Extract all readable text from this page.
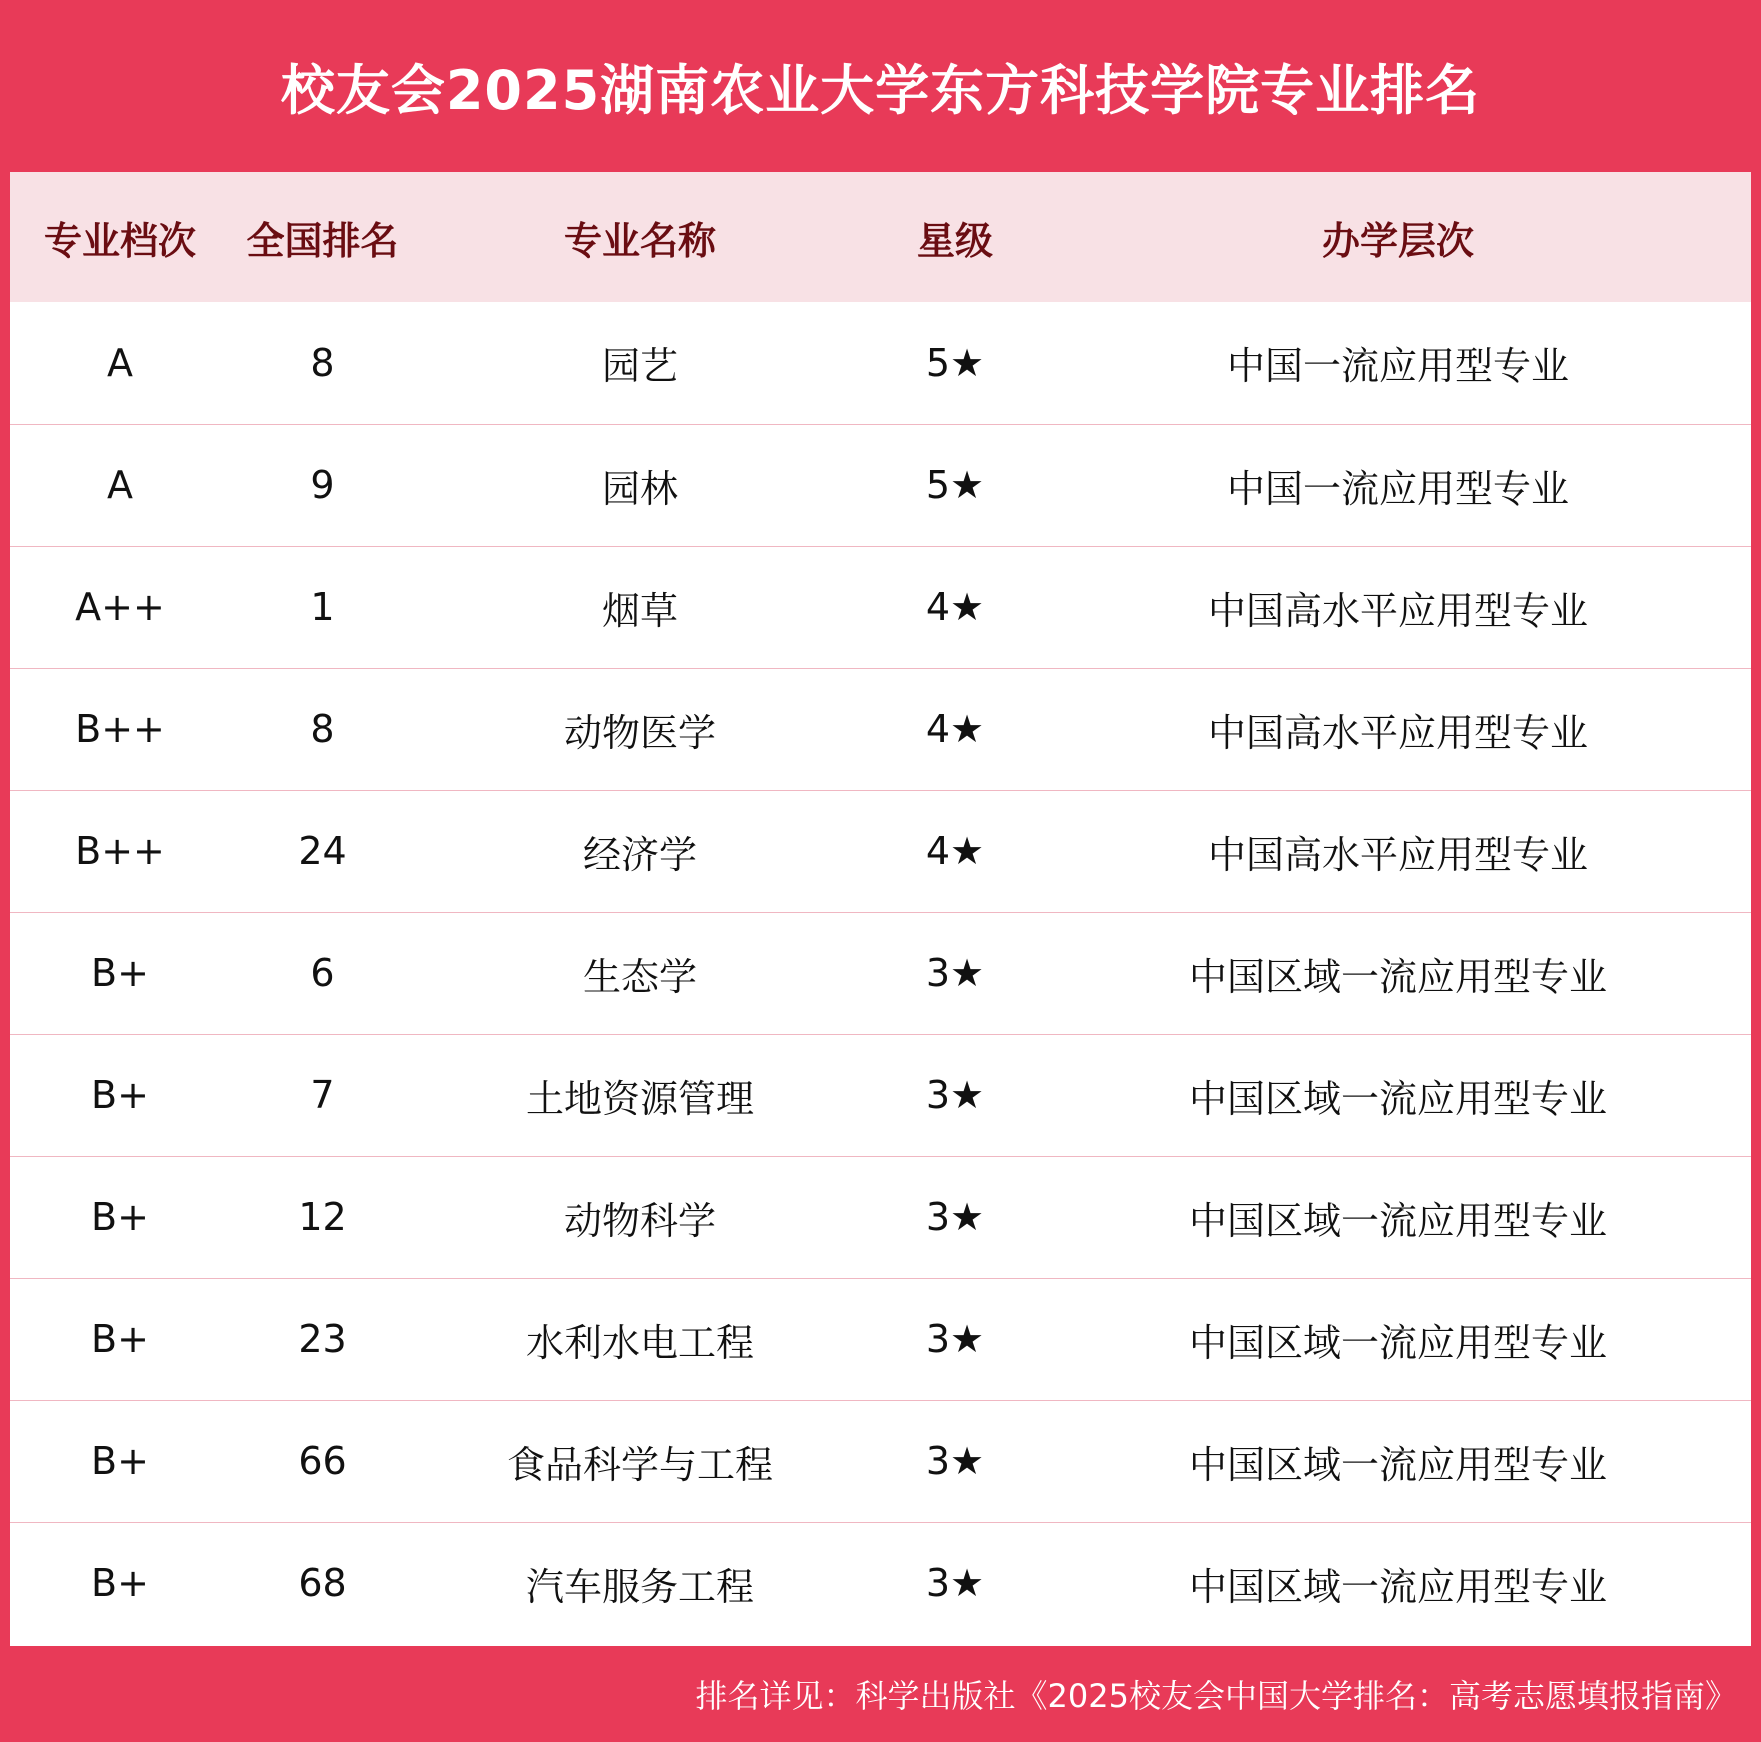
校友会2025湖南农业大学东方科技学院专业排名
专业档次	全国排名	专业名称	星级	办学层次
A	8	园艺	5★	中国一流应用型专业
A	9	园林	5★	中国一流应用型专业
A++	1	烟草	4★	中国高水平应用型专业
B++	8	动物医学	4★	中国高水平应用型专业
B++	24	经济学	4★	中国高水平应用型专业
B+	6	生态学	3★	中国区域一流应用型专业
B+	7	土地资源管理	3★	中国区域一流应用型专业
B+	12	动物科学	3★	中国区域一流应用型专业
B+	23	水利水电工程	3★	中国区域一流应用型专业
B+	66	食品科学与工程	3★	中国区域一流应用型专业
B+	68	汽车服务工程	3★	中国区域一流应用型专业
排名详见：科学出版社《2025校友会中国大学排名：高考志愿填报指南》
